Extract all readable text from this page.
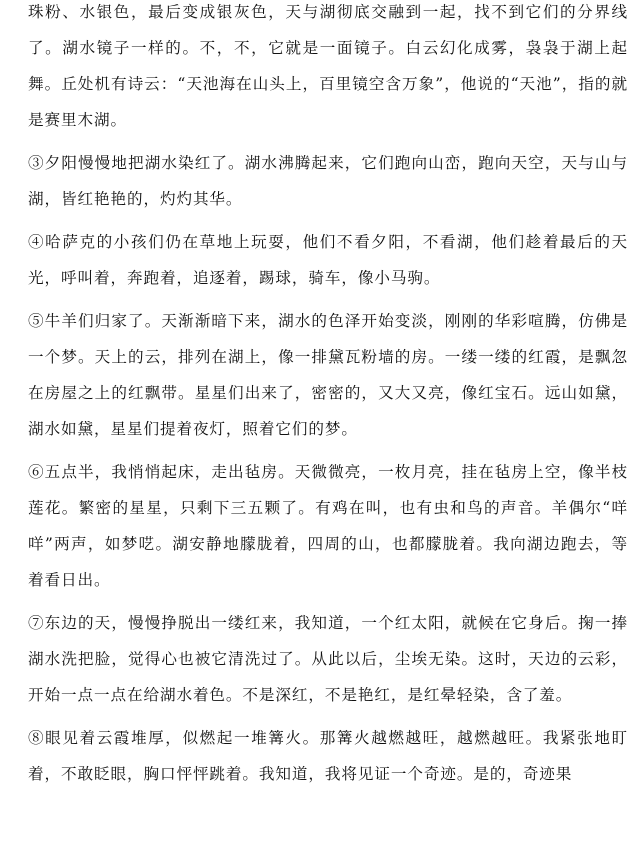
珠粉、水银色，最后变成银灰色，天与湖彻底交融到一起，找不到它们的分界线了。湖水镜子一样的。不，不，它就是一面镜子。白云幻化成雾，袅袅于湖上起舞。丘处机有诗云：“天池海在山头上，百里镜空含万象”，他说的“天池”，指的就是赛里木湖。

③夕阳慢慢地把湖水染红了。湖水沸腾起来，它们跑向山峦，跑向天空，天与山与湖，皆红艳艳的，灼灼其华。

④哈萨克的小孩们仍在草地上玩耍，他们不看夕阳，不看湖，他们趁着最后的天光，呼叫着，奔跑着，追逐着，踢球，骑车，像小马驹。

⑤牛羊们归家了。天渐渐暗下来，湖水的色泽开始变淡，刚刚的华彩喧腾，仿佛是一个梦。天上的云，排列在湖上，像一排黛瓦粉墙的房。一缕一缕的红霞，是飘忽在房屋之上的红飘带。星星们出来了，密密的，又大又亮，像红宝石。远山如黛，湖水如黛，星星们提着夜灯，照着它们的梦。

⑥五点半，我悄悄起床，走出毡房。天微微亮，一枚月亮，挂在毡房上空，像半枝莲花。繁密的星星，只剩下三五颗了。有鸡在叫，也有虫和鸟的声音。羊偶尔“咩咩”两声，如梦呓。湖安静地朦胧着，四周的山，也都朦胧着。我向湖边跑去，等着看日出。

⑦东边的天，慢慢挣脱出一缕红来，我知道，一个红太阳，就候在它身后。掬一捧湖水洗把脸，觉得心也被它清洗过了。从此以后，尘埃无染。这时，天边的云彩，开始一点一点在给湖水着色。不是深红，不是艳红，是红晕轻染，含了羞。

⑧眼见着云霞堆厚，似燃起一堆篝火。那篝火越燃越旺，越燃越旺。我紧张地盯着，不敢眨眼，胸口怦怦跳着。我知道，我将见证一个奇迹。是的，奇迹果
